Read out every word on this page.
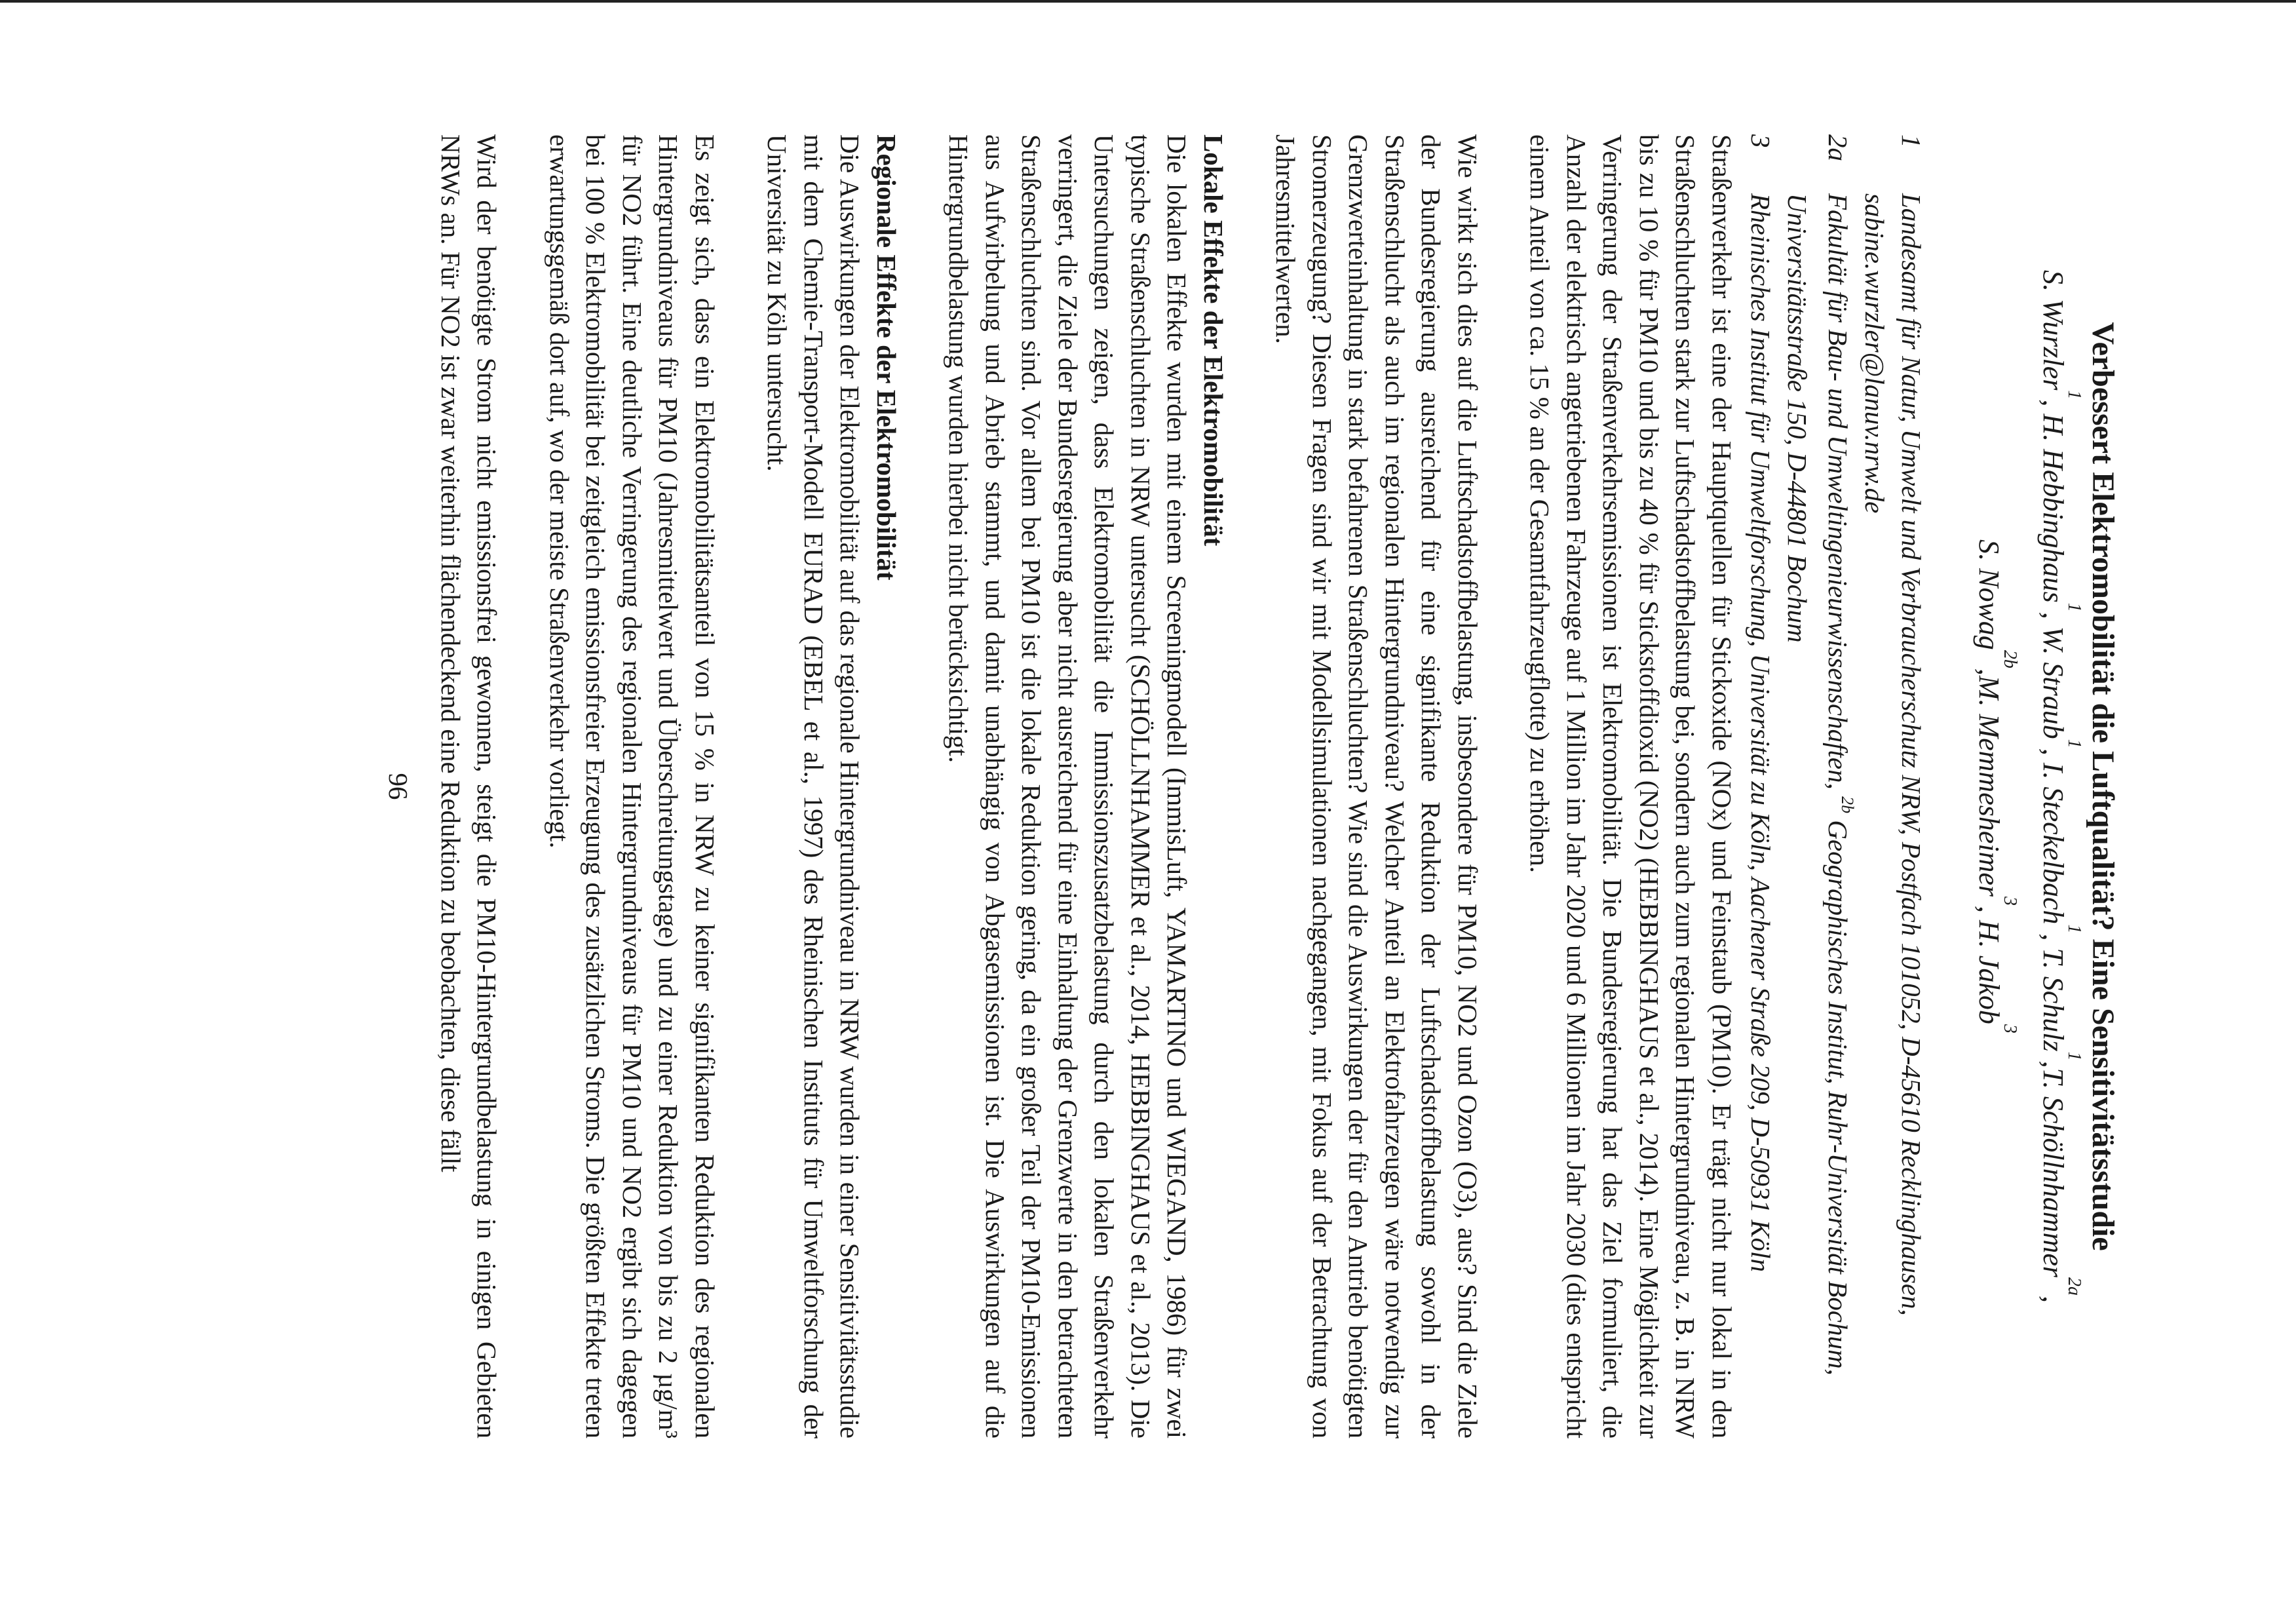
Verbessert Elektromobilität die Luftqualität? Eine Sensitivitätsstudie
S. Wurzler$^1$, H. Hebbinghaus$^1$, W. Straub$^1$, I. Steckelbach$^1$, T. Schulz$^1$,T. Schöllnhammer$^{2a}$,
S. Nowag$^{2b}$,M. Memmesheimer$^3$, H. Jakob$^3$
1
Landesamt für Natur, Umwelt und Verbraucherschutz NRW, Postfach 101052, D-45610 Recklinghausen, sabine.wurzler@lanuv.nrw.de
2a
Fakultät für Bau- und Umweltingenieurwissenschaften, $^{2b}$ Geographisches Institut, Ruhr-Universität Bochum, Universitätsstraße 150, D-44801 Bochum
3
Rheinisches Institut für Umweltforschung, Universität zu Köln, Aachener Straße 209, D-50931 Köln

Straßenverkehr ist eine der Hauptquellen für Stickoxide (NOx) und Feinstaub (PM10). Er trägt nicht nur lokal in den Straßenschluchten stark zur Luftschadstoffbelastung bei, sondern auch zum regionalen Hintergrundniveau, z. B. in NRW bis zu 10 % für PM10 und bis zu 40 % für Stickstoffdioxid (NO2) (HEBBINGHAUS et al., 2014). Eine Möglichkeit zur Verringerung der Straßenverkehrsemissionen ist Elektromobilität. Die Bundesregierung hat das Ziel formuliert, die Anzahl der elektrisch angetriebenen Fahrzeuge auf 1 Million im Jahr 2020 und 6 Millionen im Jahr 2030 (dies entspricht einem Anteil von ca. 15 % an der Gesamtfahrzeugflotte) zu erhöhen.

Wie wirkt sich dies auf die Luftschadstoffbelastung, insbesondere für PM10, NO2 und Ozon (O3), aus? Sind die Ziele der Bundesregierung ausreichend für eine signifikante Reduktion der Luftschadstoffbelastung sowohl in der Straßenschlucht als auch im regionalen Hintergrundniveau? Welcher Anteil an Elektrofahrzeugen wäre notwendig zur Grenzwerteinhaltung in stark befahrenen Straßenschluchten? Wie sind die Auswirkungen der für den Antrieb benötigten Stromerzeugung? Diesen Fragen sind wir mit Modellsimulationen nachgegangen, mit Fokus auf der Betrachtung von Jahresmittelwerten.

Lokale Effekte der Elektromobilität
Die lokalen Effekte wurden mit einem Screeningmodell (ImmisLuft, YAMARTINO und WIEGAND, 1986) für zwei typische Straßenschluchten in NRW untersucht (SCHÖLLNHAMMER et al., 2014, HEBBINGHAUS et al., 2013). Die Untersuchungen zeigen, dass Elektromobilität die Immissionszusatzbelastung durch den lokalen Straßenverkehr verringert, die Ziele der Bundesregierung aber nicht ausreichend für eine Einhaltung der Grenzwerte in den betrachteten Straßenschluchten sind. Vor allem bei PM10 ist die lokale Reduktion gering, da ein großer Teil der PM10-Emissionen aus Aufwirbelung und Abrieb stammt, und damit unabhängig von Abgasemissionen ist. Die Auswirkungen auf die Hintergrundbelastung wurden hierbei nicht berücksichtigt.
Regionale Effekte der Elektromobilität
Die Auswirkungen der Elektromobilität auf das regionale Hintergrundniveau in NRW wurden in einer Sensitivitätsstudie mit dem Chemie-Transport-Modell EURAD (EBEL et al., 1997) des Rheinischen Instituts für Umweltforschung der Universität zu Köln untersucht.

Es zeigt sich, dass ein Elektromobilitätsanteil von 15 % in NRW zu keiner signifikanten Reduktion des regionalen Hintergrundniveaus für PM10 (Jahresmittelwert und Überschreitungstage) und zu einer Reduktion von bis zu 2 µg/m³ für NO2 führt. Eine deutliche Verringerung des regionalen Hintergrundniveaus für PM10 und NO2 ergibt sich dagegen bei 100 % Elektromobilität bei zeitgleich emissionsfreier Erzeugung des zusätzlichen Stroms. Die größten Effekte treten erwartungsgemäß dort auf, wo der meiste Straßenverkehr vorliegt.

Wird der benötigte Strom nicht emissionsfrei gewonnen, steigt die PM10-Hintergrundbelastung in einigen Gebieten NRWs an. Für NO2 ist zwar weiterhin flächendeckend eine Reduktion zu beobachten, diese fällt

96
